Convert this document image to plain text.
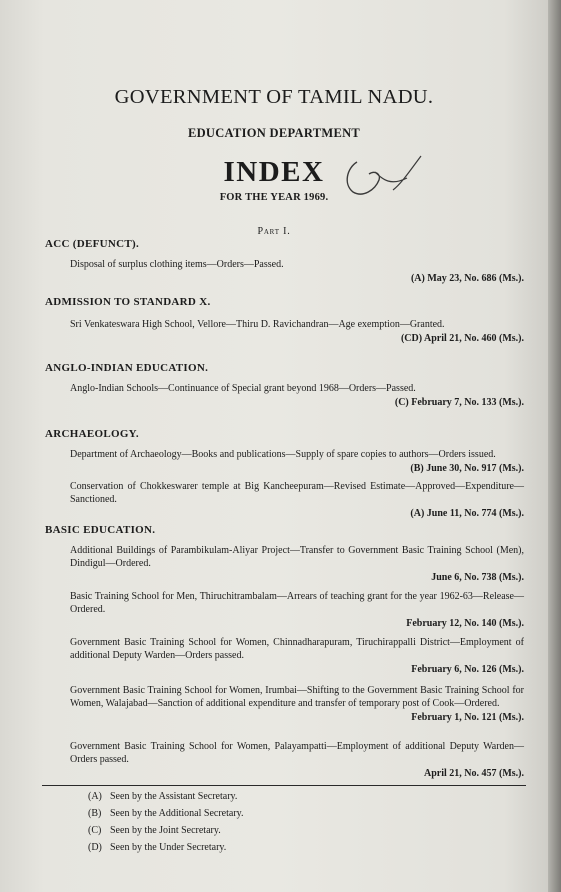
GOVERNMENT OF TAMIL NADU.
EDUCATION DEPARTMENT
INDEX
FOR THE YEAR 1969.
Part I.
ACC (DEFUNCT).
Disposal of surplus clothing items—Orders—Passed.
(A) May 23, No. 686 (Ms.).
ADMISSION TO STANDARD X.
Sri Venkateswara High School, Vellore—Thiru D. Ravichandran—Age exemption—Granted.
(CD) April 21, No. 460 (Ms.).
ANGLO-INDIAN EDUCATION.
Anglo-Indian Schools—Continuance of Special grant beyond 1968—Orders—Passed.
(C) February 7, No. 133 (Ms.).
ARCHAEOLOGY.
Department of Archaeology—Books and publications—Supply of spare copies to authors—Orders issued.
(B) June 30, No. 917 (Ms.).
Conservation of Chokkeswarer temple at Big Kancheepuram—Revised Estimate—Approved—Expenditure—Sanctioned.
(A) June 11, No. 774 (Ms.).
BASIC EDUCATION.
Additional Buildings of Parambikulam-Aliyar Project—Transfer to Government Basic Training School (Men), Dindigul—Ordered.
June 6, No. 738 (Ms.).
Basic Training School for Men, Thiruchitrambalam—Arrears of teaching grant for the year 1962-63—Release—Ordered.
February 12, No. 140 (Ms.).
Government Basic Training School for Women, Chinnadharapuram, Tiruchirappalli District—Employment of additional Deputy Warden—Orders passed.
February 6, No. 126 (Ms.).
Government Basic Training School for Women, Irumbai—Shifting to the Government Basic Training School for Women, Walajabad—Sanction of additional expenditure and transfer of temporary post of Cook—Ordered.
February 1, No. 121 (Ms.).
Government Basic Training School for Women, Palayampatti—Employment of additional Deputy Warden—Orders passed.
April 21, No. 457 (Ms.).
(A) Seen by the Assistant Secretary.
(B) Seen by the Additional Secretary.
(C) Seen by the Joint Secretary.
(D) Seen by the Under Secretary.
